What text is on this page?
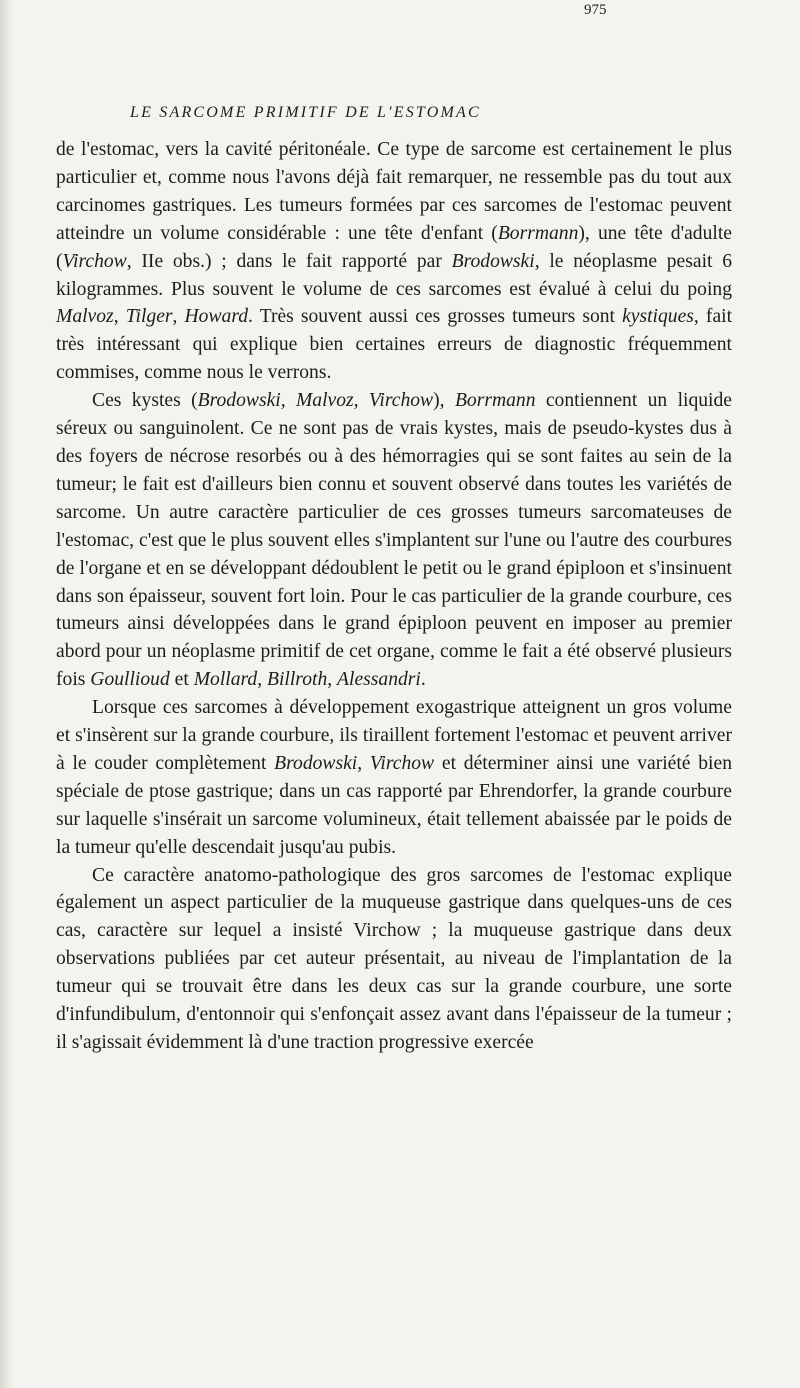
LE SARCOME PRIMITIF DE L'ESTOMAC
975

de l'estomac, vers la cavité péritonéale. Ce type de sarcome est certainement le plus particulier et, comme nous l'avons déjà fait remarquer, ne ressemble pas du tout aux carcinomes gastriques. Les tumeurs formées par ces sarcomes de l'estomac peuvent atteindre un volume considérable : une tête d'enfant (Borrmann), une tête d'adulte (Virchow, IIe obs.) ; dans le fait rapporté par Brodowski, le néoplasme pesait 6 kilogrammes. Plus souvent le volume de ces sarcomes est évalué à celui du poing Malvoz, Tilger, Howard. Très souvent aussi ces grosses tumeurs sont kystiques, fait très intéressant qui explique bien certaines erreurs de diagnostic fréquemment commises, comme nous le verrons.

Ces kystes (Brodowski, Malvoz, Virchow), Borrmann contiennent un liquide séreux ou sanguinolent. Ce ne sont pas de vrais kystes, mais de pseudo-kystes dus à des foyers de nécrose resorbés ou à des hémorragies qui se sont faites au sein de la tumeur; le fait est d'ailleurs bien connu et souvent observé dans toutes les variétés de sarcome. Un autre caractère particulier de ces grosses tumeurs sarcomateuses de l'estomac, c'est que le plus souvent elles s'implantent sur l'une ou l'autre des courbures de l'organe et en se développant dédoublent le petit ou le grand épiploon et s'insinuent dans son épaisseur, souvent fort loin. Pour le cas particulier de la grande courbure, ces tumeurs ainsi développées dans le grand épiploon peuvent en imposer au premier abord pour un néoplasme primitif de cet organe, comme le fait a été observé plusieurs fois Goullioud et Mollard, Billroth, Alessandri.

Lorsque ces sarcomes à développement exogastrique atteignent un gros volume et s'insèrent sur la grande courbure, ils tiraillent fortement l'estomac et peuvent arriver à le couder complètement Brodowski, Virchow et déterminer ainsi une variété bien spéciale de ptose gastrique; dans un cas rapporté par Ehrendorfer, la grande courbure sur laquelle s'insérait un sarcome volumineux, était tellement abaissée par le poids de la tumeur qu'elle descendait jusqu'au pubis.

Ce caractère anatomo-pathologique des gros sarcomes de l'estomac explique également un aspect particulier de la muqueuse gastrique dans quelques-uns de ces cas, caractère sur lequel a insisté Virchow ; la muqueuse gastrique dans deux observations publiées par cet auteur présentait, au niveau de l'implantation de la tumeur qui se trouvait être dans les deux cas sur la grande courbure, une sorte d'infundibulum, d'entonnoir qui s'enfonçait assez avant dans l'épaisseur de la tumeur ; il s'agissait évidemment là d'une traction progressive exercée
